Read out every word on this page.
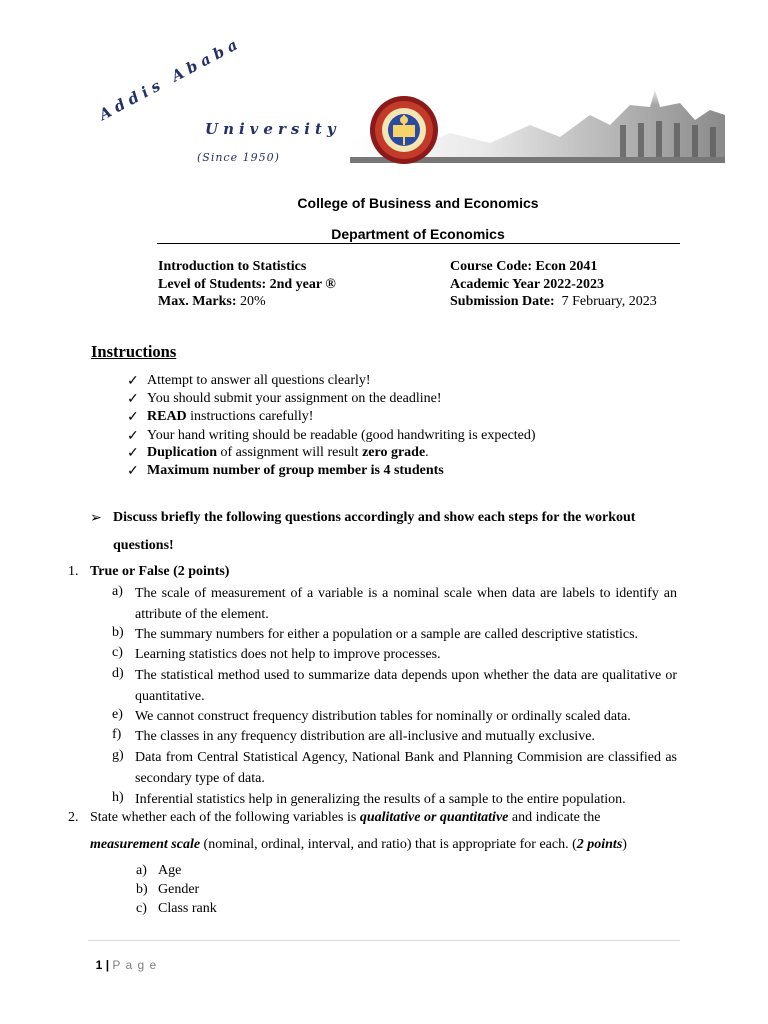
Addis Ababa
University
(Since 1950)
College of Business and Economics
Department of Economics
Introduction to Statistics
Level of Students: 2nd year ®
Max. Marks: 20%
Course Code: Econ 2041
Academic Year 2022-2023
Submission Date:  7 February, 2023
Instructions
✓ Attempt to answer all questions clearly!
✓ You should submit your assignment on the deadline!
✓ READ instructions carefully!
✓ Your hand writing should be readable (good handwriting is expected)
✓ Duplication of assignment will result zero grade.
✓ Maximum number of group member is 4 students
➢ Discuss briefly the following questions accordingly and show each steps for the workout
questions!
1. True or False (2 points)
a) The scale of measurement of a variable is a nominal scale when data are labels to identify an attribute of the element.
b) The summary numbers for either a population or a sample are called descriptive statistics.
c) Learning statistics does not help to improve processes.
d) The statistical method used to summarize data depends upon whether the data are qualitative or quantitative.
e) We cannot construct frequency distribution tables for nominally or ordinally scaled data.
f) The classes in any frequency distribution are all-inclusive and mutually exclusive.
g) Data from Central Statistical Agency, National Bank and Planning Commision are classified as secondary type of data.
h) Inferential statistics help in generalizing the results of a sample to the entire population.
2. State whether each of the following variables is qualitative or quantitative and indicate the
measurement scale (nominal, ordinal, interval, and ratio) that is appropriate for each. (2 points)
a) Age
b) Gender
c) Class rank

1 | P a g e
